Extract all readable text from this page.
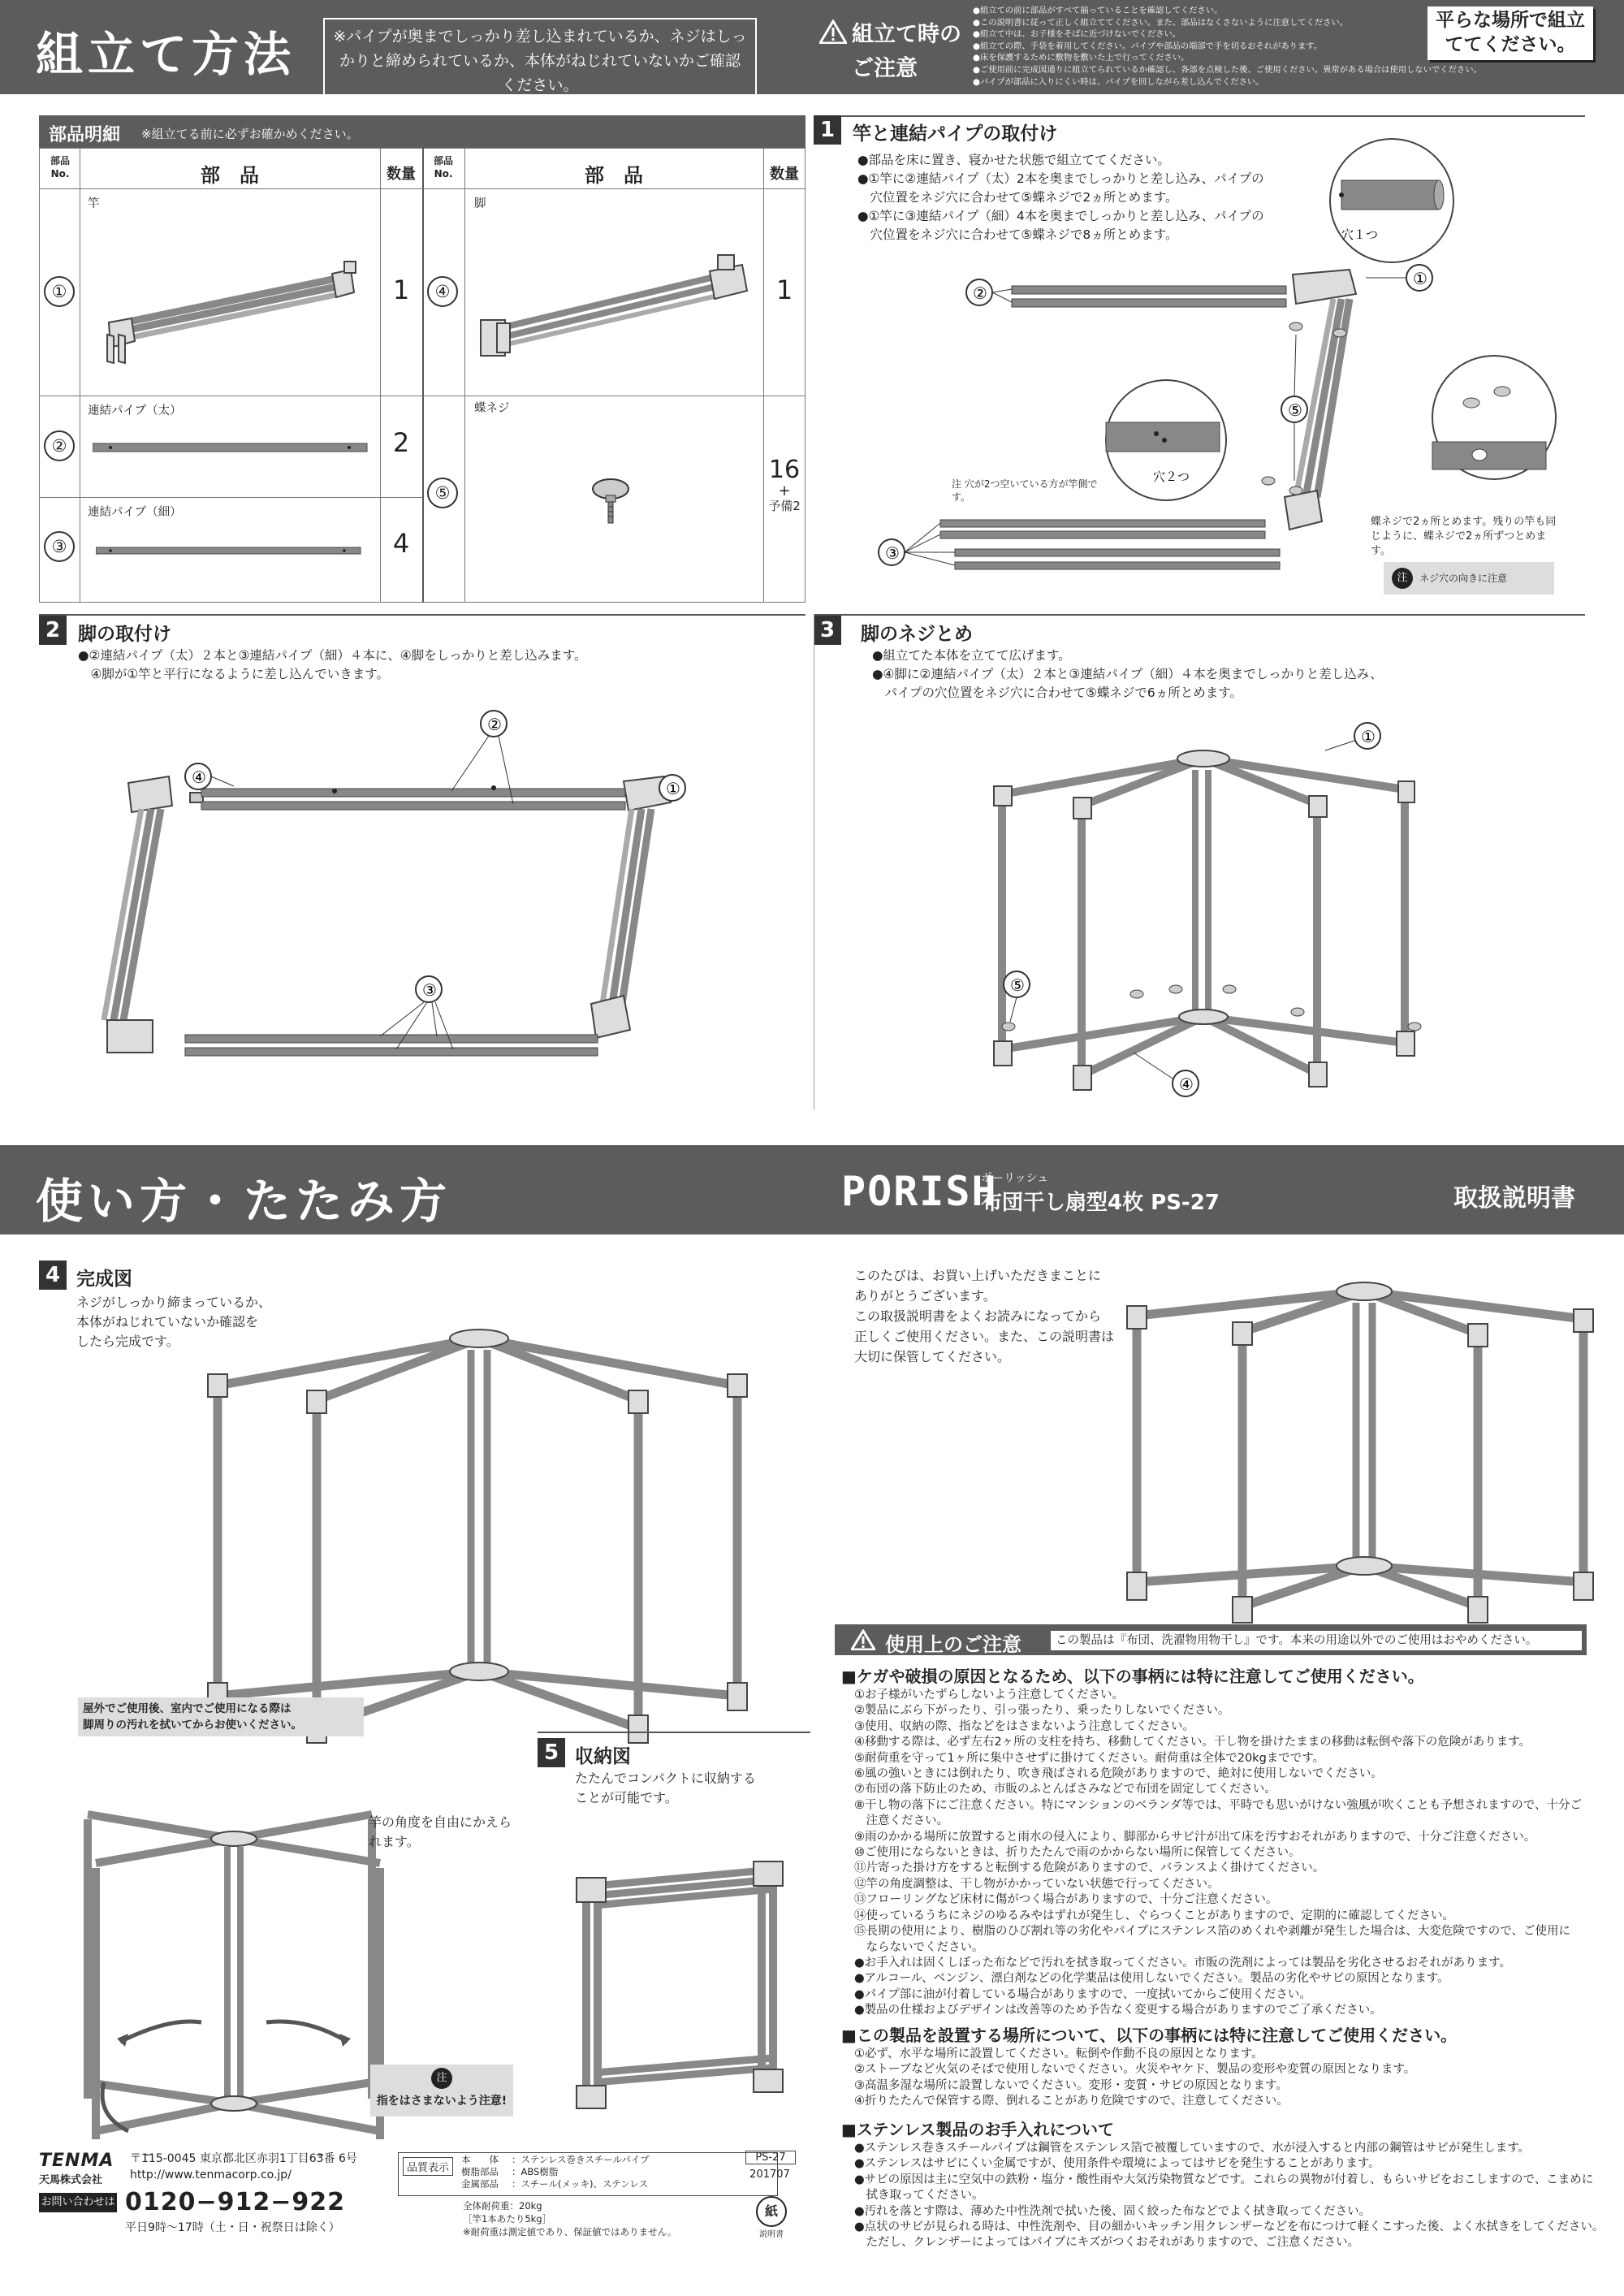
組立て方法	※パイプが奥までしっかり差し込まれているか、ネジはしっかりと締められているか、本体がねじれていないかご確認ください。
組立て時の
ご注意
●組立ての前に部品がすべて揃っていることを確認してください。
●この説明書に従って正しく組立ててください。また、部品はなくさないように注意してください。
●組立て中は、お子様をそばに近づけないでください。
●組立ての際、手袋を着用してください。パイプや部品の端部で手を切るおそれがあります。
●床を保護するために敷物を敷いた上で行ってください。
●ご使用前に完成図通りに組立てられているか確認し、各部を点検した後、ご使用ください。異常がある場合は使用しないでください。
●パイプが部品に入りにくい時は、パイプを回しながら差し込んでください。
平らな場所で組立ててください。
部品明細 ※組立てる前に必ずお確かめください。
部品No.	部　品	数量
部品No.	部　品	数量
①
竿
1
②
連結パイプ（太）
2
③
連結パイプ（細）
4
④
脚
1
⑤
蝶ネジ
16
+
予備2
1 竿と連結パイプの取付け
●部品を床に置き、寝かせた状態で組立ててください。
●①竿に②連結パイプ（太）2本を奥までしっかりと差し込み、パイプの
　穴位置をネジ穴に合わせて⑤蝶ネジで2ヵ所とめます。
●①竿に③連結パイプ（細）4本を奥までしっかりと差し込み、パイプの
　穴位置をネジ穴に合わせて⑤蝶ネジで8ヵ所とめます。	穴１つ
②
①
⑤
穴２つ
③
注 穴が2つ空いている方が竿側です。
蝶ネジで2ヵ所とめます。残りの竿も同じように、蝶ネジで2ヵ所ずつとめます。
注	ネジ穴の向きに注意
2 脚の取付け
●②連結パイプ（太）２本と③連結パイプ（細）４本に、④脚をしっかりと差し込みます。
　④脚が①竿と平行になるように差し込んでいきます。
②
④
①
③
3	脚のネジとめ
●組立てた本体を立てて広げます。
●④脚に②連結パイプ（太）２本と③連結パイプ（細）４本を奥までしっかりと差し込み、
　パイプの穴位置をネジ穴に合わせて⑤蝶ネジで6ヵ所とめます。
①
⑤
④
使い方・たたみ方	PORISH
ポーリッシュ
布団干し扇型4枚 PS-27	取扱説明書
4 完成図
ネジがしっかり締まっているか、
本体がねじれていないか確認を
したら完成です。
屋外でご使用後、室内でご使用になる際は
脚周りの汚れを拭いてからお使いください。
竿の角度を自由にかえら
れます。
注
指をはさまないよう注意!
5 収納図
たたんでコンパクトに収納する
ことが可能です。
このたびは、お買い上げいただきまことに
ありがとうございます。
この取扱説明書をよくお読みになってから
正しくご使用ください。また、この説明書は
大切に保管してください。
使用上のご注意	この製品は『布団、洗濯物用物干し』です。本来の用途以外でのご使用はおやめください。
■ケガや破損の原因となるため、以下の事柄には特に注意してご使用ください。
①お子様がいたずらしないよう注意してください。
②製品にぶら下がったり、引っ張ったり、乗ったりしないでください。
③使用、収納の際、指などをはさまないよう注意してください。
④移動する際は、必ず左右2ヶ所の支柱を持ち、移動してください。干し物を掛けたままの移動は転倒や落下の危険があります。
⑤耐荷重を守って1ヶ所に集中させずに掛けてください。耐荷重は全体で20kgまでです。
⑥風の強いときには倒れたり、吹き飛ばされる危険がありますので、絶対に使用しないでください。
⑦布団の落下防止のため、市販のふとんばさみなどで布団を固定してください。
⑧干し物の落下にご注意ください。特にマンションのベランダ等では、平時でも思いがけない強風が吹くことも予想されますので、十分ご
　注意ください。
⑨雨のかかる場所に放置すると雨水の侵入により、脚部からサビ汁が出て床を汚すおそれがありますので、十分ご注意ください。
⑩ご使用にならないときは、折りたたんで雨のかからない場所に保管してください。
⑪片寄った掛け方をすると転倒する危険がありますので、バランスよく掛けてください。
⑫竿の角度調整は、干し物がかかっていない状態で行ってください。
⑬フローリングなど床材に傷がつく場合がありますので、十分ご注意ください。
⑭使っているうちにネジのゆるみやはずれが発生し、ぐらつくことがありますので、定期的に確認してください。
⑮長期の使用により、樹脂のひび割れ等の劣化やパイプにステンレス箔のめくれや剥離が発生した場合は、大変危険ですので、ご使用に
　ならないでください。
●お手入れは固くしぼった布などで汚れを拭き取ってください。市販の洗剤によっては製品を劣化させるおそれがあります。
●アルコール、ベンジン、漂白剤などの化学薬品は使用しないでください。製品の劣化やサビの原因となります。
●パイプ部に油が付着している場合がありますので、一度拭いてからご使用ください。
●製品の仕様およびデザインは改善等のため予告なく変更する場合がありますのでご了承ください。
■この製品を設置する場所について、以下の事柄には特に注意してご使用ください。
①必ず、水平な場所に設置してください。転倒や作動不良の原因となります。
②ストーブなど火気のそばで使用しないでください。火災やヤケド、製品の変形や変質の原因となります。
③高温多湿な場所に設置しないでください。変形・変質・サビの原因となります。
④折りたたんで保管する際、倒れることがあり危険ですので、注意してください。
■ステンレス製品のお手入れについて
●ステンレス巻きスチールパイプは鋼管をステンレス箔で被覆していますので、水が浸入すると内部の鋼管はサビが発生します。
●ステンレスはサビにくい金属ですが、使用条件や環境によってはサビを発生することがあります。
●サビの原因は主に空気中の鉄粉・塩分・酸性雨や大気汚染物質などです。これらの異物が付着し、もらいサビをおこしますので、こまめに
　拭き取ってください。
●汚れを落とす際は、薄めた中性洗剤で拭いた後、固く絞った布などでよく拭き取ってください。
●点状のサビが見られる時は、中性洗剤や、目の細かいキッチン用クレンザーなどを布につけて軽くこすった後、よく水拭きをしてください。
　ただし、クレンザーによってはパイプにキズがつくおそれがありますので、ご注意ください。
TENMA
天馬株式会社
〒115-0045 東京都北区赤羽1丁目63番 6号
http://www.tenmacorp.co.jp/
お問い合わせは 0120−912−922
平日9時〜17時（土・日・祝祭日は除く）
品質表示
本　　体 ：ステンレス巻きスチールパイプ
樹脂部品 ：ABS樹脂
金属部品 ：スチール(メッキ)、ステンレス
全体耐荷重：20kg
［竿1本あたり5kg］
※耐荷重は測定値であり、保証値ではありません。
PS-27
201707
紙
説明書
